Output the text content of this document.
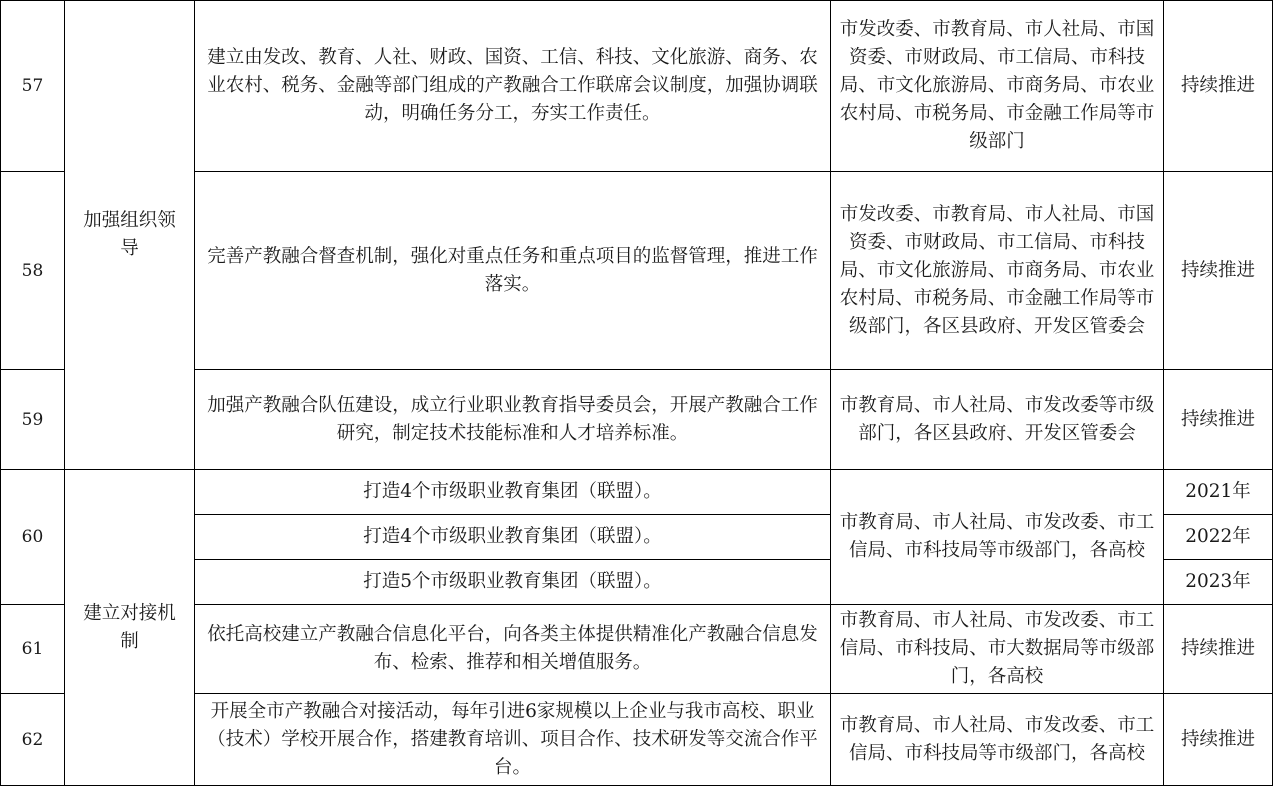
57	加强组织领导	建立由发改、教育、人社、财政、国资、工信、科技、文化旅游、商务、农业农村、税务、金融等部门组成的产教融合工作联席会议制度，加强协调联动，明确任务分工，夯实工作责任。	市发改委、市教育局、市人社局、市国资委、市财政局、市工信局、市科技局、市文化旅游局、市商务局、市农业农村局、市税务局、市金融工作局等市级部门	持续推进
58		完善产教融合督查机制，强化对重点任务和重点项目的监督管理，推进工作落实。	市发改委、市教育局、市人社局、市国资委、市财政局、市工信局、市科技局、市文化旅游局、市商务局、市农业农村局、市税务局、市金融工作局等市级部门，各区县政府、开发区管委会	持续推进
59		加强产教融合队伍建设，成立行业职业教育指导委员会，开展产教融合工作研究，制定技术技能标准和人才培养标准。	市教育局、市人社局、市发改委等市级部门，各区县政府、开发区管委会	持续推进
60	建立对接机制	打造4个市级职业教育集团（联盟）。	市教育局、市人社局、市发改委、市工信局、市科技局等市级部门，各高校	2021年
		打造4个市级职业教育集团（联盟）。		2022年
		打造5个市级职业教育集团（联盟）。		2023年
61		依托高校建立产教融合信息化平台，向各类主体提供精准化产教融合信息发布、检索、推荐和相关增值服务。	市教育局、市人社局、市发改委、市工信局、市科技局、市大数据局等市级部门，各高校	持续推进
62		开展全市产教融合对接活动，每年引进6家规模以上企业与我市高校、职业（技术）学校开展合作，搭建教育培训、项目合作、技术研发等交流合作平台。	市教育局、市人社局、市发改委、市工信局、市科技局等市级部门，各高校	持续推进
